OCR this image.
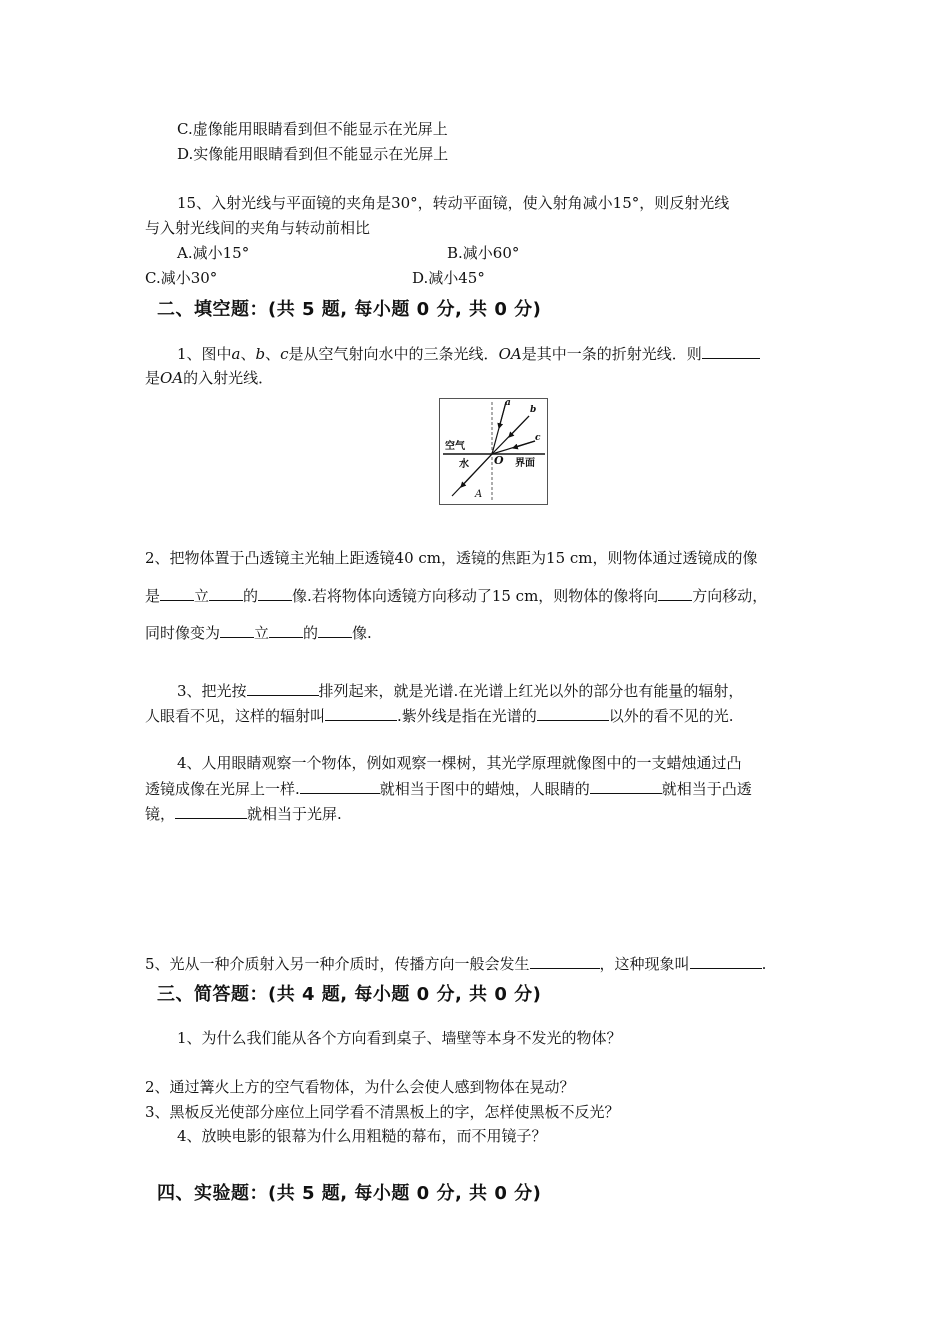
C.虚像能用眼睛看到但不能显示在光屏上
D.实像能用眼睛看到但不能显示在光屏上
15、入射光线与平面镜的夹角是30°，转动平面镜，使入射角减小15°，则反射光线
与入射光线间的夹角与转动前相比
A.减小15°	B.减小60°
C.减小30°	D.减小45°
二、填空题：(共 5 题, 每小题 0 分, 共 0 分)
1、图中a、b、c是从空气射向水中的三条光线．OA是其中一条的折射光线．则
是OA的入射光线．
空气
水	界面
O
A
a
b
c
2、把物体置于凸透镜主光轴上距透镜40 cm，透镜的焦距为15 cm，则物体通过透镜成的像
是 立 的 像.若将物体向透镜方向移动了15 cm，则物体的像将向 方向移动，
同时像变为 立 的 像.
3、把光按	排列起来，就是光谱.在光谱上红光以外的部分也有能量的辐射，
人眼看不见，这样的辐射叫	.紫外线是指在光谱的	以外的看不见的光.
4、人用眼睛观察一个物体，例如观察一棵树，其光学原理就像图中的一支蜡烛通过凸
透镜成像在光屏上一样.	就相当于图中的蜡烛，人眼睛的	就相当于凸透
镜，	就相当于光屏.
5、光从一种介质射入另一种介质时，传播方向一般会发生	，这种现象叫	.
三、简答题：(共 4 题, 每小题 0 分, 共 0 分)
1、为什么我们能从各个方向看到桌子、墙壁等本身不发光的物体？
2、通过篝火上方的空气看物体，为什么会使人感到物体在晃动？
3、黑板反光使部分座位上同学看不清黑板上的字，怎样使黑板不反光？
4、放映电影的银幕为什么用粗糙的幕布，而不用镜子？
四、实验题：(共 5 题, 每小题 0 分, 共 0 分)
